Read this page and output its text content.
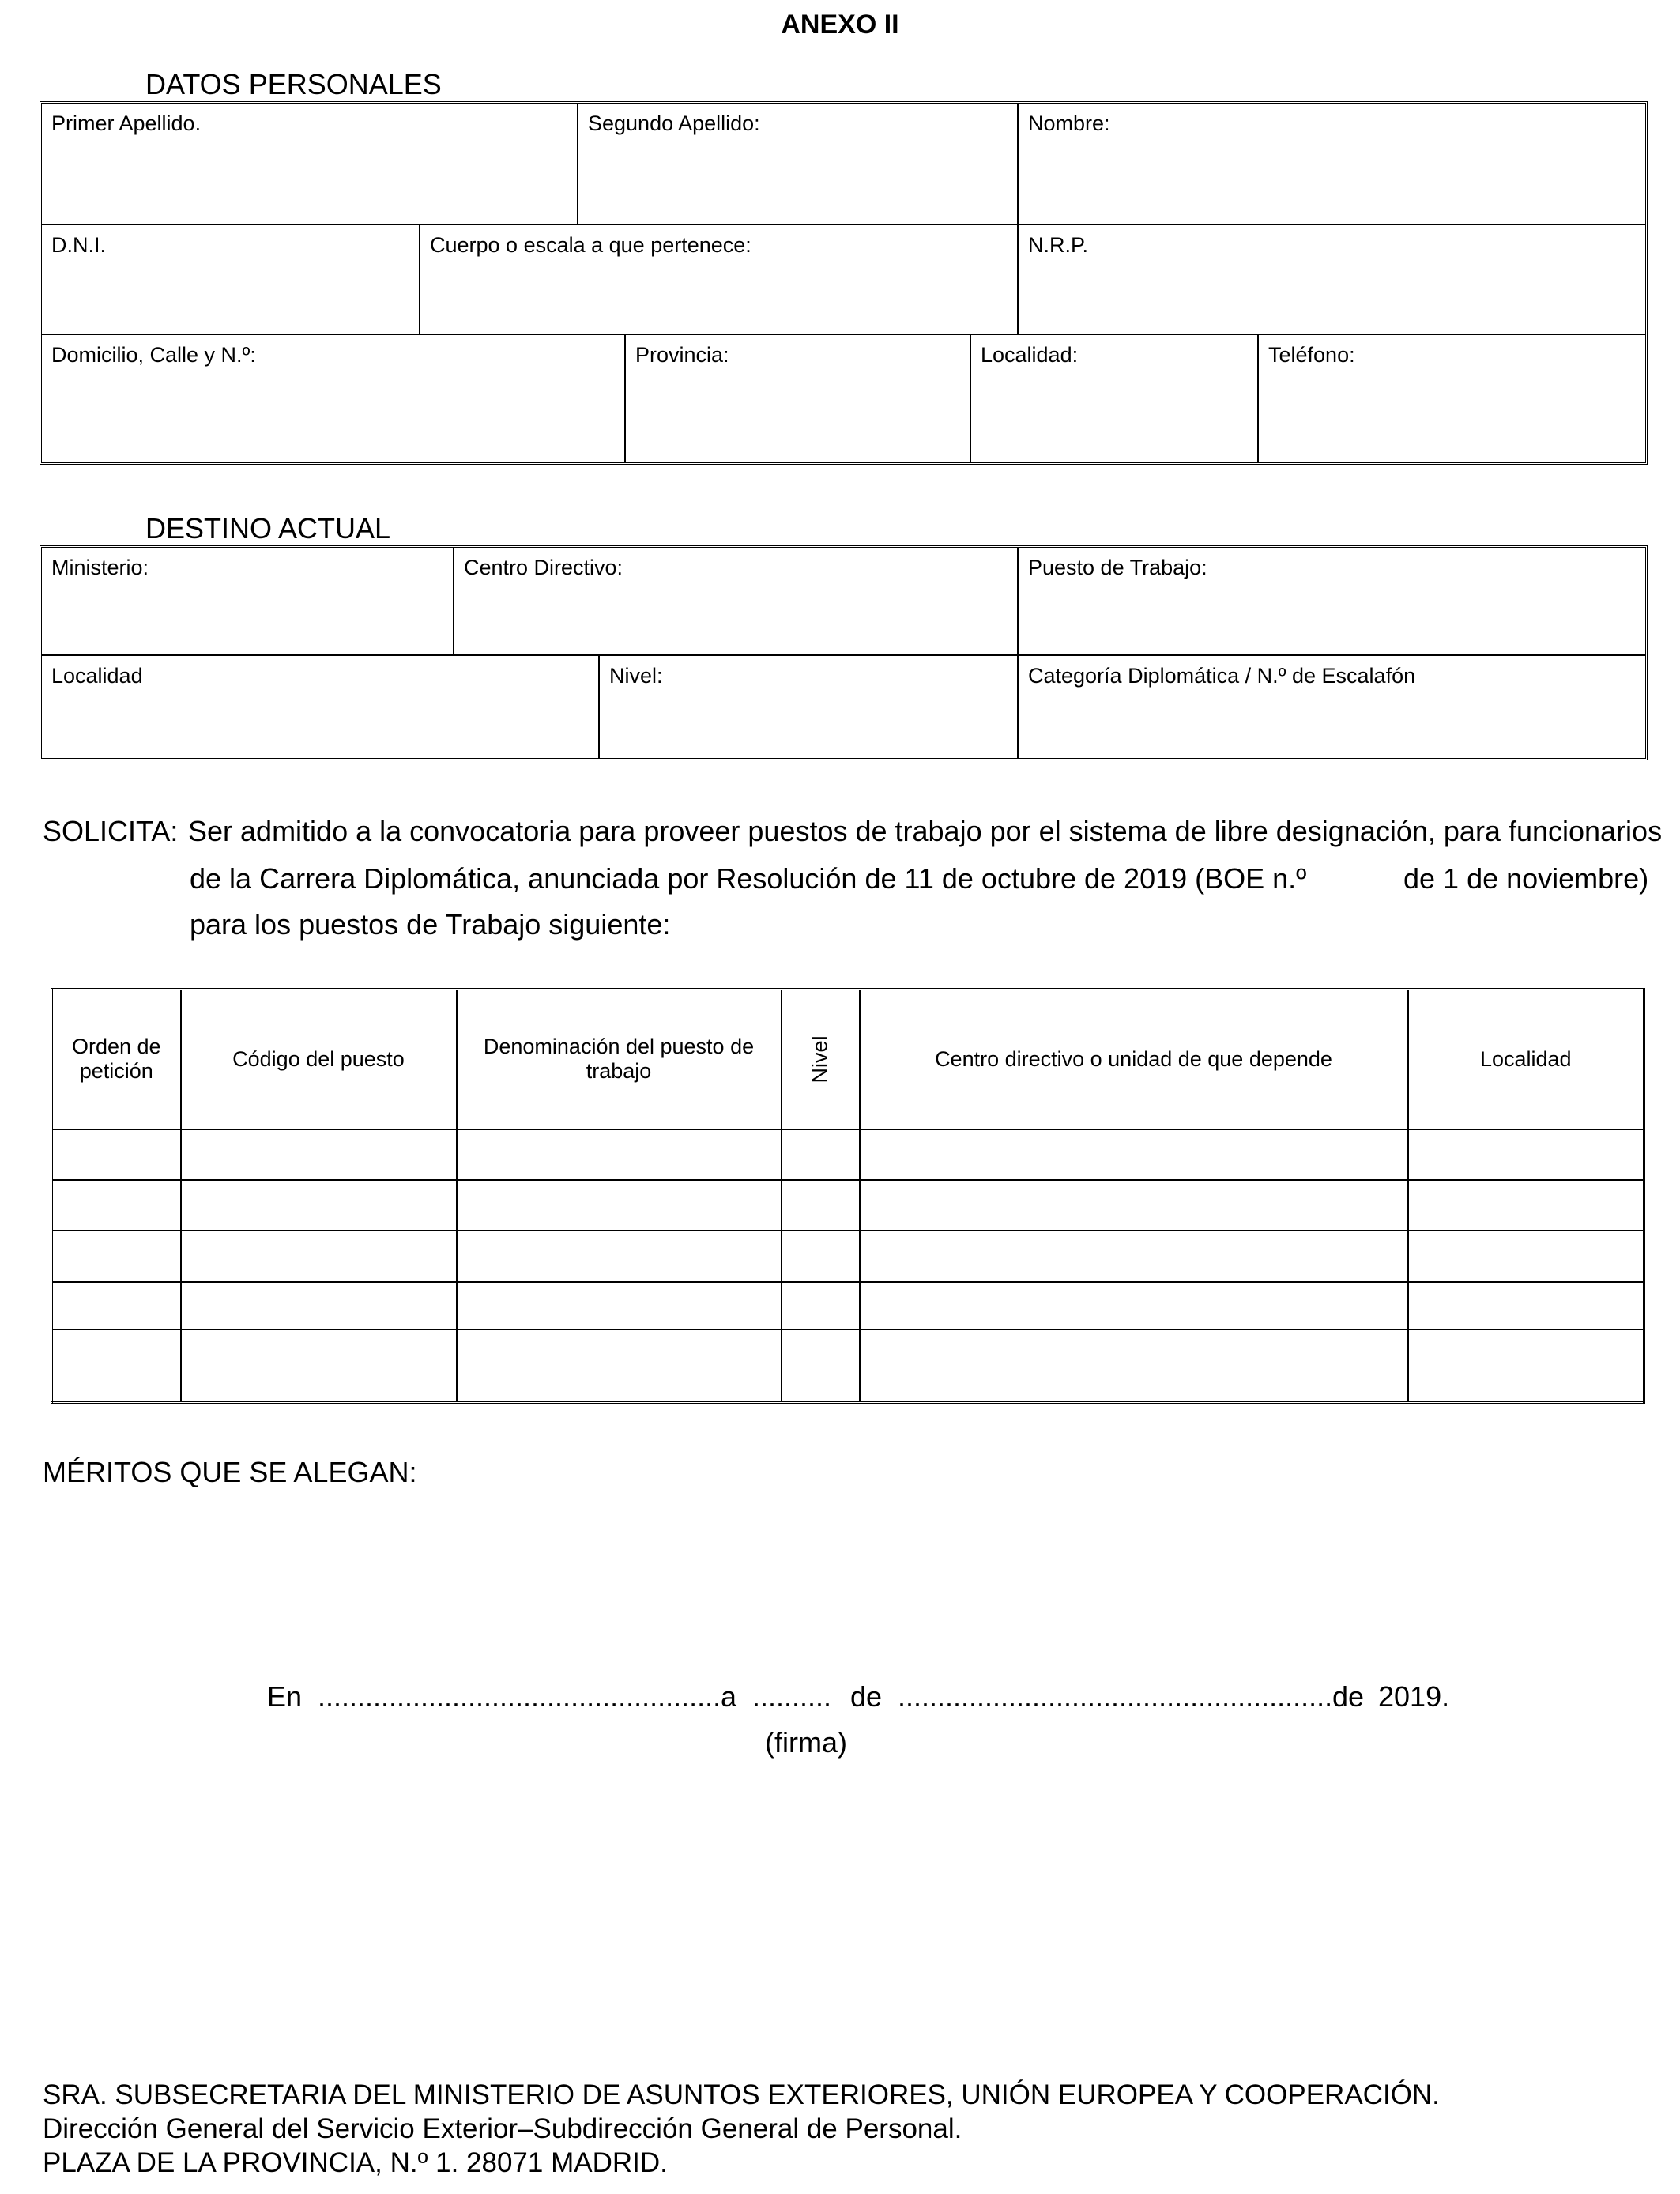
ANEXO II
DATOS PERSONALES
Primer Apellido.	Segundo Apellido:	Nombre:
D.N.I.	Cuerpo o escala a que pertenece:	N.R.P.
Domicilio, Calle y N.º:	Provincia:	Localidad:	Teléfono:
DESTINO ACTUAL
Ministerio:	Centro Directivo:	Puesto de Trabajo:
Localidad	Nivel:	Categoría Diplomática / N.º de Escalafón
SOLICITA: Ser admitido a la convocatoria para proveer puestos de trabajo por el sistema de libre designación, para funcionarios
de la Carrera Diplomática, anunciada por Resolución de 11 de octubre de 2019 (BOE n.º	de 1 de noviembre)
para los puestos de Trabajo siguiente:
Orden de petición	Código del puesto	Denominación del puesto de trabajo	Nivel	Centro directivo o unidad de que depende	Localidad

MÉRITOS QUE SE ALEGAN:
En ................................................... a .......... de ....................................................... de 2019.
(firma)
SRA. SUBSECRETARIA DEL MINISTERIO DE ASUNTOS EXTERIORES, UNIÓN EUROPEA Y COOPERACIÓN.
Dirección General del Servicio Exterior–Subdirección General de Personal.
PLAZA DE LA PROVINCIA, N.º 1. 28071 MADRID.
